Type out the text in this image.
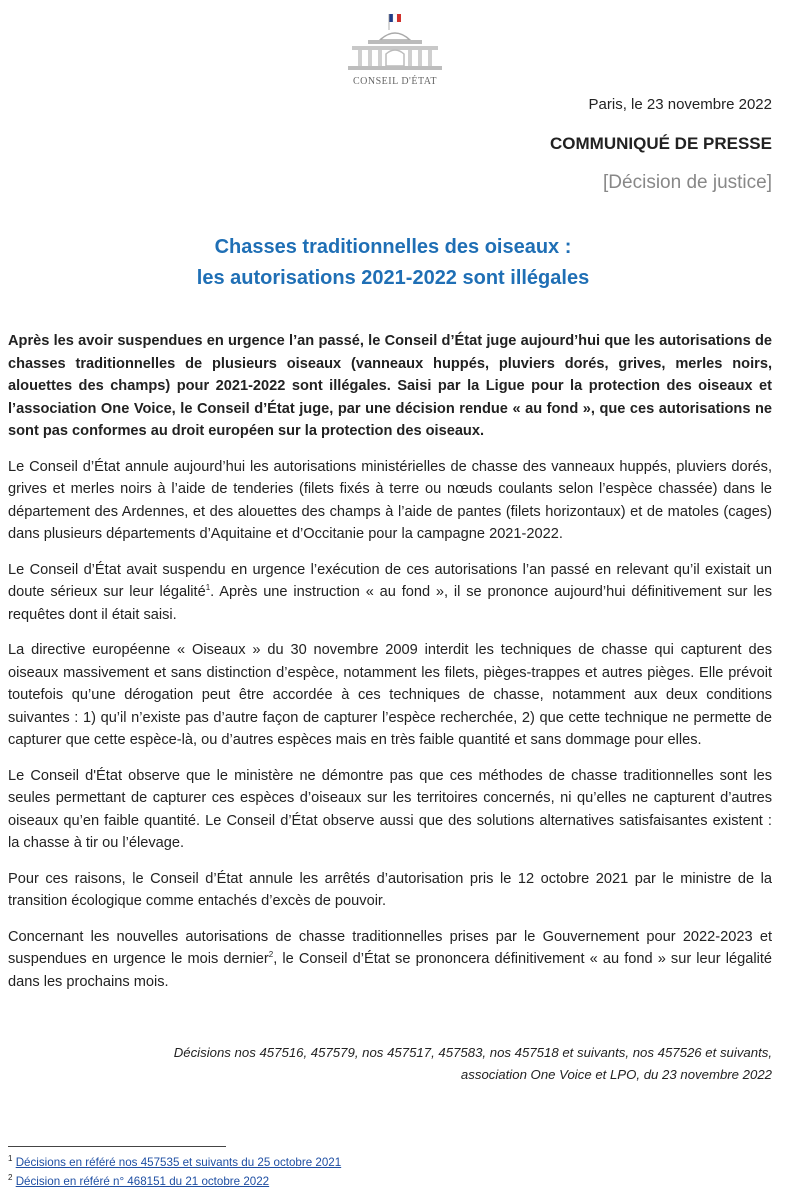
CONSEIL D'ÉTAT
Paris, le 23 novembre 2022
COMMUNIQUÉ DE PRESSE
[Décision de justice]
Chasses traditionnelles des oiseaux :
les autorisations 2021-2022 sont illégales

Après les avoir suspendues en urgence l’an passé, le Conseil d’État juge aujourd’hui que les autorisations de chasses traditionnelles de plusieurs oiseaux (vanneaux huppés, pluviers dorés, grives, merles noirs, alouettes des champs) pour 2021-2022 sont illégales. Saisi par la Ligue pour la protection des oiseaux et l’association One Voice, le Conseil d’État juge, par une décision rendue « au fond », que ces autorisations ne sont pas conformes au droit européen sur la protection des oiseaux.

Le Conseil d’État annule aujourd’hui les autorisations ministérielles de chasse des vanneaux huppés, pluviers dorés, grives et merles noirs à l’aide de tenderies (filets fixés à terre ou nœuds coulants selon l’espèce chassée) dans le département des Ardennes, et des alouettes des champs à l’aide de pantes (filets horizontaux) et de matoles (cages) dans plusieurs départements d’Aquitaine et d’Occitanie pour la campagne 2021-2022.

Le Conseil d’État avait suspendu en urgence l’exécution de ces autorisations l’an passé en relevant qu’il existait un doute sérieux sur leur légalité$^1$. Après une instruction « au fond », il se prononce aujourd’hui définitivement sur les requêtes dont il était saisi.

La directive européenne « Oiseaux » du 30 novembre 2009 interdit les techniques de chasse qui capturent des oiseaux massivement et sans distinction d’espèce, notamment les filets, pièges-trappes et autres pièges. Elle prévoit toutefois qu’une dérogation peut être accordée à ces techniques de chasse, notamment aux deux conditions suivantes : 1) qu’il n’existe pas d’autre façon de capturer l’espèce recherchée, 2) que cette technique ne permette de capturer que cette espèce-là, ou d’autres espèces mais en très faible quantité et sans dommage pour elles.

Le Conseil d'État observe que le ministère ne démontre pas que ces méthodes de chasse traditionnelles sont les seules permettant de capturer ces espèces d’oiseaux sur les territoires concernés, ni qu’elles ne capturent d’autres oiseaux qu’en faible quantité. Le Conseil d’État observe aussi que des solutions alternatives satisfaisantes existent : la chasse à tir ou l’élevage.

Pour ces raisons, le Conseil d’État annule les arrêtés d’autorisation pris le 12 octobre 2021 par le ministre de la transition écologique comme entachés d’excès de pouvoir.

Concernant les nouvelles autorisations de chasse traditionnelles prises par le Gouvernement pour 2022-2023 et suspendues en urgence le mois dernier$^2$, le Conseil d’État se prononcera définitivement « au fond » sur leur légalité dans les prochains mois.

Décisions nos 457516, 457579, nos 457517, 457583, nos 457518 et suivants, nos 457526 et suivants,
association One Voice et LPO, du 23 novembre 2022
$^1$ Décisions en référé nos 457535 et suivants du 25 octobre 2021
$^2$ Décision en référé n° 468151 du 21 octobre 2022
